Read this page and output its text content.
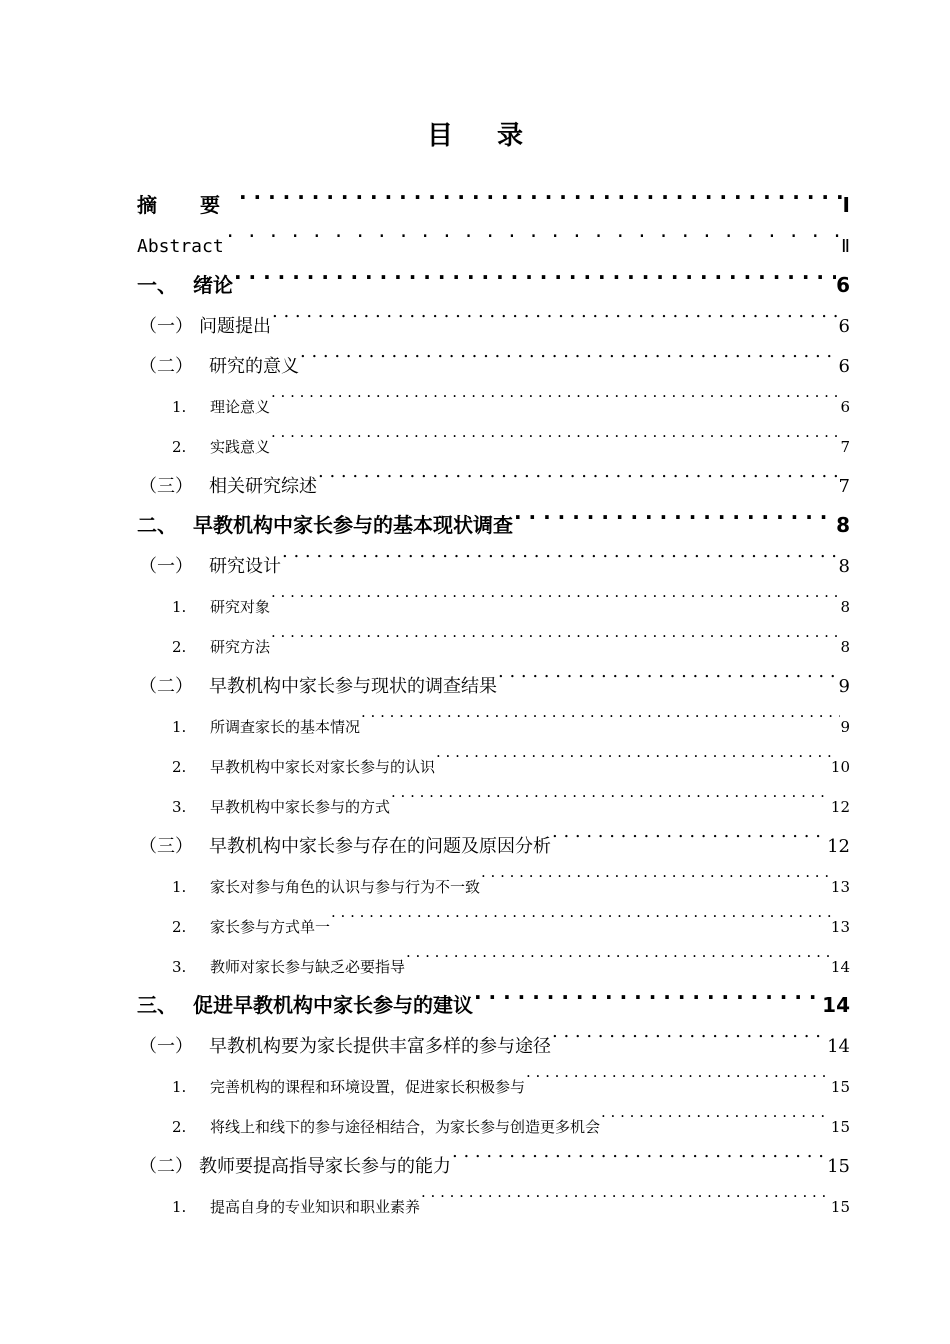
目 录
摘 要 . . .	Ⅰ
Abstract . . .	Ⅱ
一、 绪论 . . .	6
（一） 问题提出 . . .	6
（二） 研究的意义 . . .	6
1.	理论意义 . . .	6
2.	实践意义 . . .	7
（三） 相关研究综述 . . .	7
二、 早教机构中家长参与的基本现状调查 . . .	8
（一） 研究设计 . . .	8
1.	研究对象 . . .	8
2.	研究方法 . . .	8
（二） 早教机构中家长参与现状的调查结果 . . .	9
1.	所调查家长的基本情况 . . .	9
2.	早教机构中家长对家长参与的认识 . . .	10
3.	早教机构中家长参与的方式 . . .	12
（三） 早教机构中家长参与存在的问题及原因分析 . . .	12
1.	家长对参与角色的认识与参与行为不一致 . . .	13
2.	家长参与方式单一 . . .	13
3.	教师对家长参与缺乏必要指导 . . .	14
三、 促进早教机构中家长参与的建议 . . .	14
（一） 早教机构要为家长提供丰富多样的参与途径 . . .	14
1.	完善机构的课程和环境设置，促进家长积极参与 . . .	15
2.	将线上和线下的参与途径相结合，为家长参与创造更多机会 . . .	15
（二） 教师要提高指导家长参与的能力 . . .	15
1.	提高自身的专业知识和职业素养 . . .	15
